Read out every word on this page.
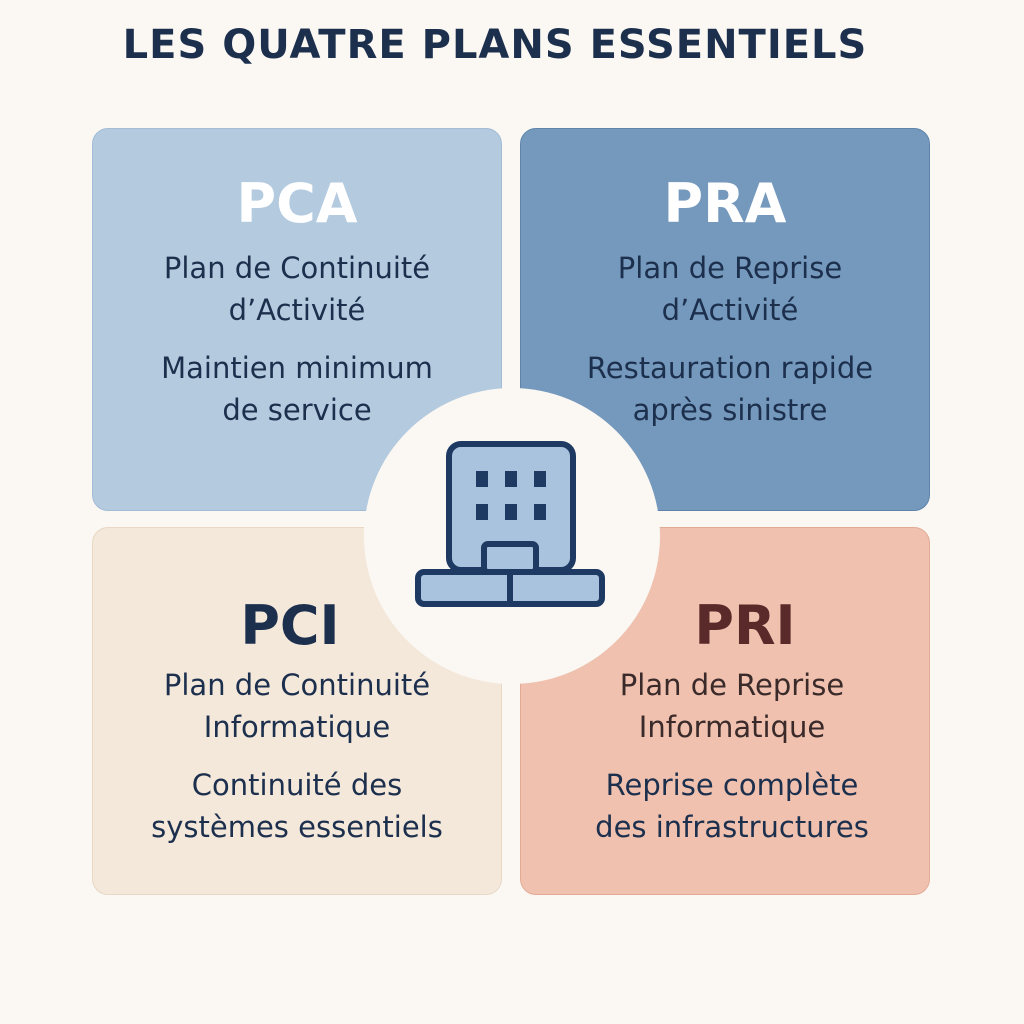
LES QUATRE PLANS ESSENTIELS
PCA
Plan de Continuité
d’Activité
Maintien minimum
de service
PRA
Plan de Reprise
d’Activité
Restauration rapide
après sinistre
PCI
Plan de Continuité
Informatique
Continuité des
systèmes essentiels
PRI
Plan de Reprise
Informatique
Reprise complète
des infrastructures
